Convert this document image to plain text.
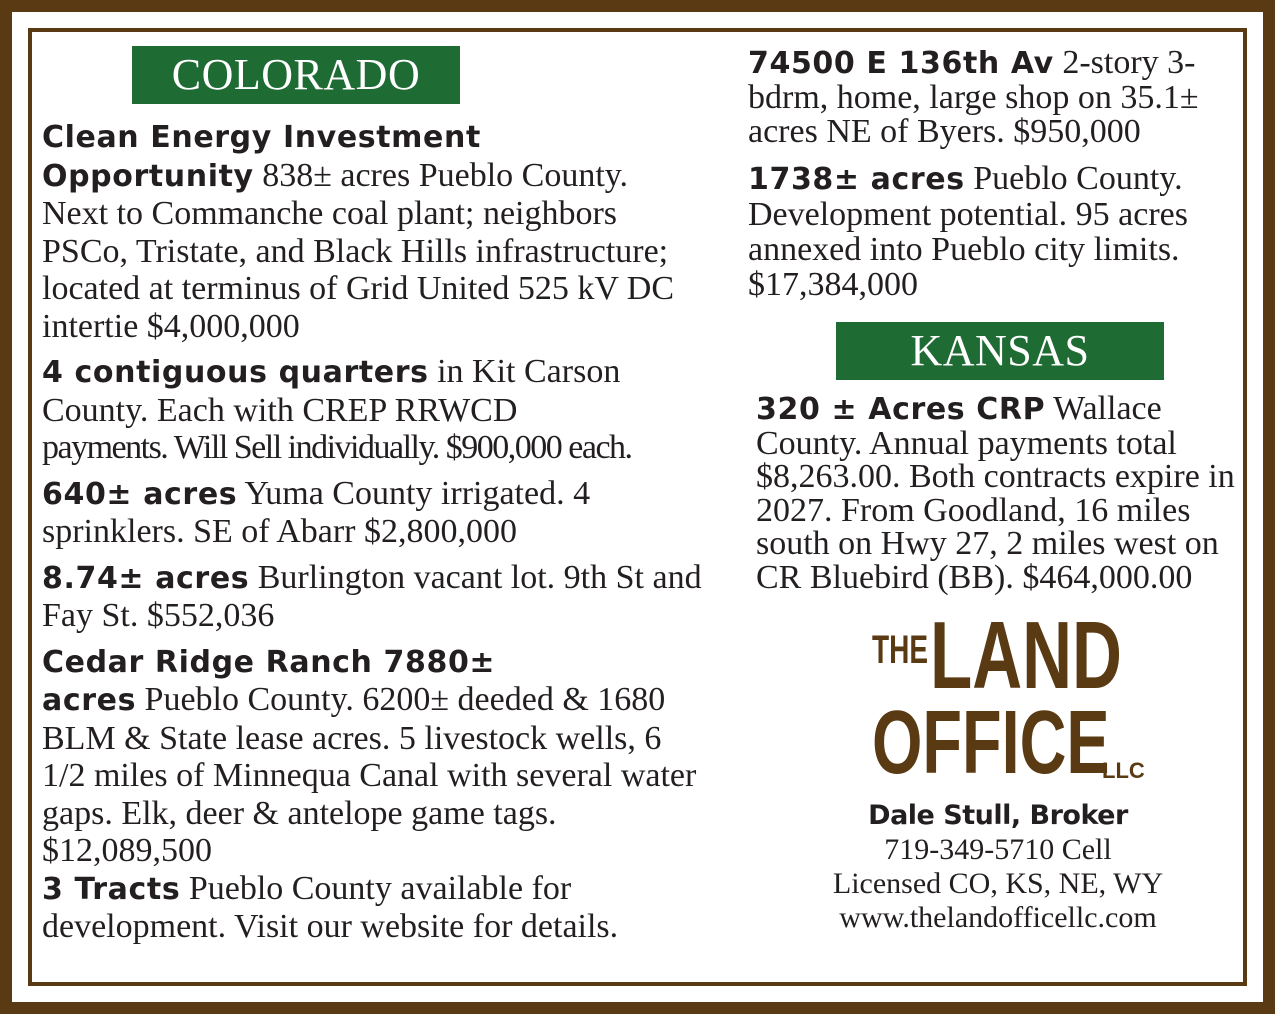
COLORADO

Clean Energy Investment
Opportunity 838± acres Pueblo County. Next to Commanche coal plant; neighbors PSCo, Tristate, and Black Hills infrastructure; located at terminus of Grid United 525 kV DC intertie $4,000,000

4 contiguous quarters in Kit Carson County. Each with CREP RRWCD
payments. Will Sell individually. $900,000 each.

640± acres Yuma County irrigated. 4 sprinklers. SE of Abarr $2,800,000

8.74± acres Burlington vacant lot. 9th St and Fay St. $552,036

Cedar Ridge Ranch 7880±
acres Pueblo County. 6200± deeded & 1680 BLM & State lease acres. 5 livestock wells, 6 1/2 miles of Minnequa Canal with several water gaps. Elk, deer & antelope game tags. $12,089,500

3 Tracts Pueblo County available for development. Visit our website for details.

74500 E 136th Av 2-story 3-bdrm, home, large shop on 35.1± acres NE of Byers. $950,000

1738± acres Pueblo County. Development potential. 95 acres annexed into Pueblo city limits. $17,384,000

KANSAS

320 ± Acres CRP Wallace County. Annual payments total $8,263.00. Both contracts expire in 2027. From Goodland, 16 miles south on Hwy 27, 2 miles west on CR Bluebird (BB). $464,000.00

THE LAND
OFFICE
LLC
Dale Stull, Broker
719-349-5710 Cell
Licensed CO, KS, NE, WY
www.thelandofficellc.com
